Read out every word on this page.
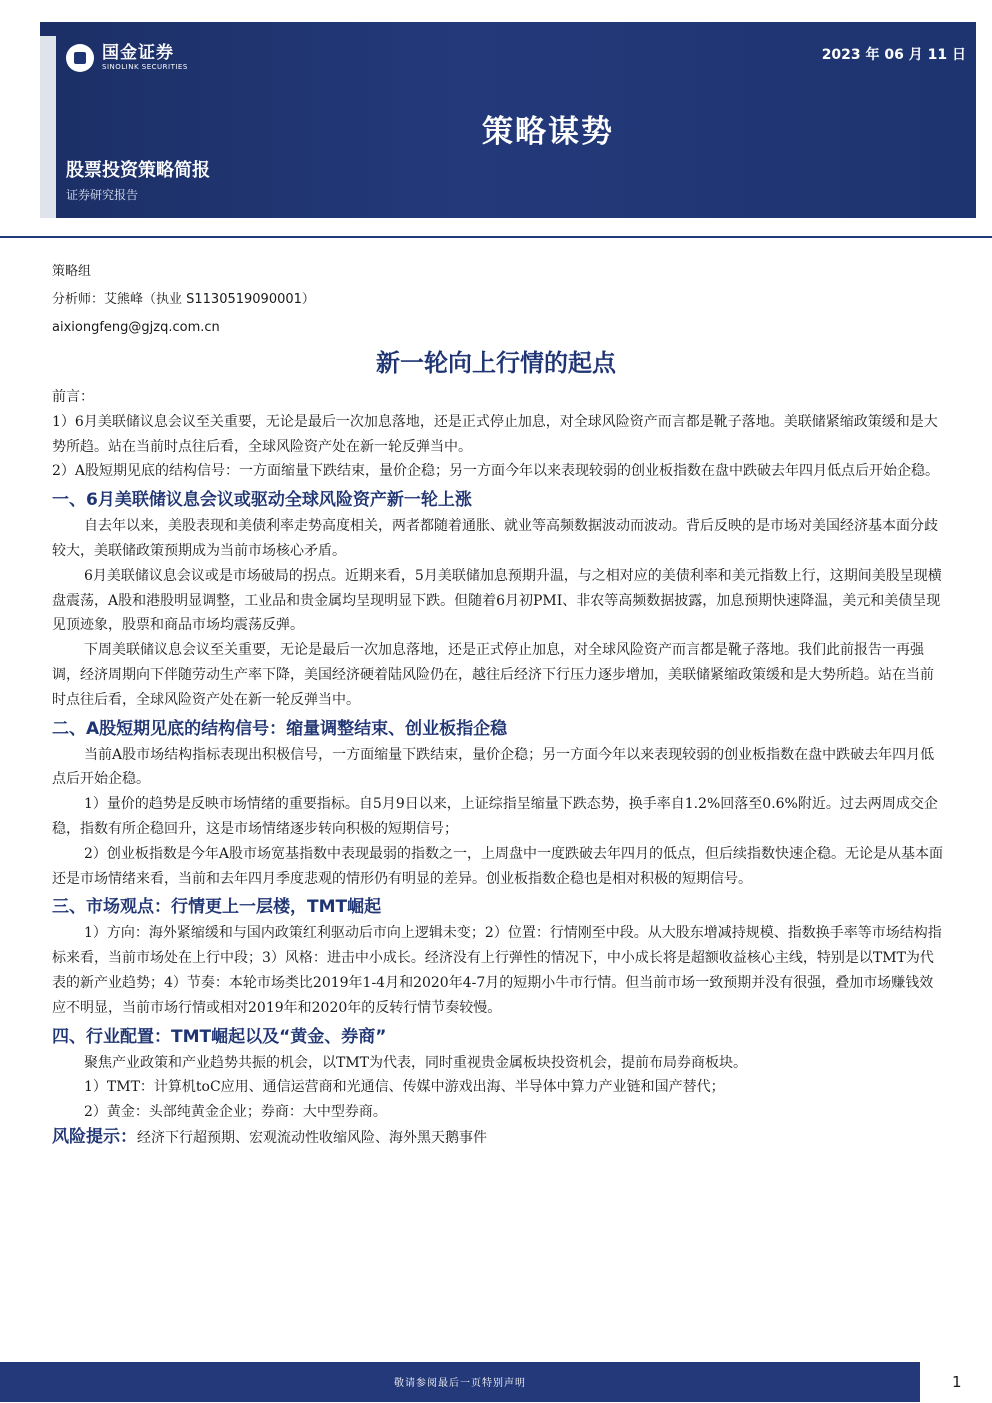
国金证券
SINOLINK SECURITIES
2023 年 06 月 11 日
策略谋势
股票投资策略简报
证券研究报告
策略组
分析师：艾熊峰（执业 S1130519090001）
aixiongfeng@gjzq.com.cn
新一轮向上行情的起点

前言：

1）6月美联储议息会议至关重要，无论是最后一次加息落地，还是正式停止加息，对全球风险资产而言都是靴子落地。美联储紧缩政策缓和是大势所趋。站在当前时点往后看，全球风险资产处在新一轮反弹当中。

2）A股短期见底的结构信号：一方面缩量下跌结束，量价企稳；另一方面今年以来表现较弱的创业板指数在盘中跌破去年四月低点后开始企稳。

一、6月美联储议息会议或驱动全球风险资产新一轮上涨

自去年以来，美股表现和美债利率走势高度相关，两者都随着通胀、就业等高频数据波动而波动。背后反映的是市场对美国经济基本面分歧较大，美联储政策预期成为当前市场核心矛盾。

6月美联储议息会议或是市场破局的拐点。近期来看，5月美联储加息预期升温，与之相对应的美债利率和美元指数上行，这期间美股呈现横盘震荡，A股和港股明显调整，工业品和贵金属均呈现明显下跌。但随着6月初PMI、非农等高频数据披露，加息预期快速降温，美元和美债呈现见顶迹象，股票和商品市场均震荡反弹。

下周美联储议息会议至关重要，无论是最后一次加息落地，还是正式停止加息，对全球风险资产而言都是靴子落地。我们此前报告一再强调，经济周期向下伴随劳动生产率下降，美国经济硬着陆风险仍在，越往后经济下行压力逐步增加，美联储紧缩政策缓和是大势所趋。站在当前时点往后看，全球风险资产处在新一轮反弹当中。

二、A股短期见底的结构信号：缩量调整结束、创业板指企稳

当前A股市场结构指标表现出积极信号，一方面缩量下跌结束，量价企稳；另一方面今年以来表现较弱的创业板指数在盘中跌破去年四月低点后开始企稳。

1）量价的趋势是反映市场情绪的重要指标。自5月9日以来，上证综指呈缩量下跌态势，换手率自1.2%回落至0.6%附近。过去两周成交企稳，指数有所企稳回升，这是市场情绪逐步转向积极的短期信号；

2）创业板指数是今年A股市场宽基指数中表现最弱的指数之一，上周盘中一度跌破去年四月的低点，但后续指数快速企稳。无论是从基本面还是市场情绪来看，当前和去年四月季度悲观的情形仍有明显的差异。创业板指数企稳也是相对积极的短期信号。

三、市场观点：行情更上一层楼，TMT崛起

1）方向：海外紧缩缓和与国内政策红利驱动后市向上逻辑未变；2）位置：行情刚至中段。从大股东增减持规模、指数换手率等市场结构指标来看，当前市场处在上行中段；3）风格：进击中小成长。经济没有上行弹性的情况下，中小成长将是超额收益核心主线，特别是以TMT为代表的新产业趋势；4）节奏：本轮市场类比2019年1-4月和2020年4-7月的短期小牛市行情。但当前市场一致预期并没有很强，叠加市场赚钱效应不明显，当前市场行情或相对2019年和2020年的反转行情节奏较慢。

四、行业配置：TMT崛起以及“黄金、券商”

聚焦产业政策和产业趋势共振的机会，以TMT为代表，同时重视贵金属板块投资机会，提前布局券商板块。

1）TMT：计算机toC应用、通信运营商和光通信、传媒中游戏出海、半导体中算力产业链和国产替代；

2）黄金：头部纯黄金企业；券商：大中型券商。

风险提示：经济下行超预期、宏观流动性收缩风险、海外黑天鹅事件

敬请参阅最后一页特别声明	1
